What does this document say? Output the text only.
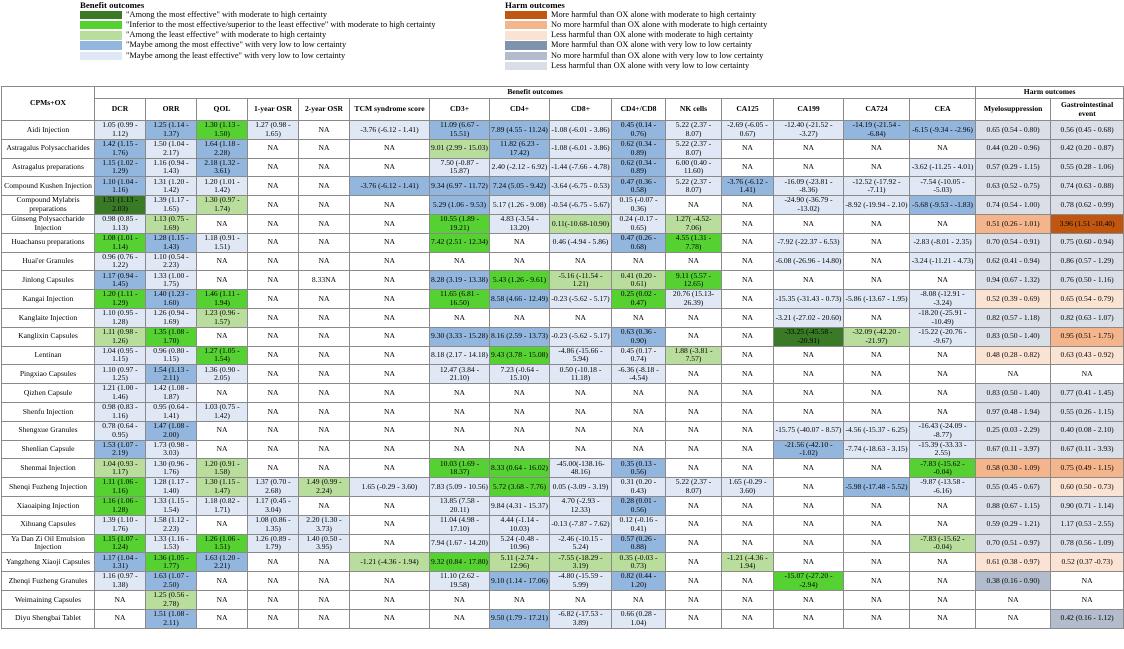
Benefit outcomes
"Among the most effective" with moderate to high certainty
"Inferior to the most effective/superior to the least effective" with moderate to high certainty
"Among the least effective" with moderate to high certainty
"Maybe among the most effective" with very low to low certainty
"Maybe among the least effective" with very low to low certainty
Harm outcomes
More harmful than OX alone with moderate to high certainty
No more harmful than OX alone with moderate to high certainty
Less harmful than OX alone with moderate to high certainty
More harmful than OX alone with very low to low certainty
No more harmful than OX alone with very low to low certainty
Less harmful than OX alone with very low to low certainty
CPMs+OX	Benefit outcomes															Harm outcomes	
	DCR	ORR	QOL	1-year OSR	2-year OSR	TCM syndrome score	CD3+	CD4+	CD8+	CD4+/CD8	NK cells	CA125	CA199	CA724	CEA	Myelosuppression	Gastrointestinal event
Aidi Injection	1.05 (0.99 - 1.12)	1.25 (1.14 - 1.37)	1.30 (1.13 - 1.50)	1.27 (0.98 - 1.65)	NA	-3.76 (-6.12 - 1.41)	11.09 (6.67 - 15.51)	7.89 (4.55 - 11.24)	-1.08 (-6.01 - 3.86)	0.45 (0.14 - 0.76)	5.22 (2.37 - 8.07)	-2.69 (-6.05 - 0.67)	-12.40 (-21.52 - -3.27)	-14.19 (-21.54 - -6.84)	-6.15 (-9.34 - -2.96)	0.65 (0.54 - 0.80)	0.56 (0.45 - 0.68)
Astragalus Polysaccharides	1.42 (1.15 - 1.76)	1.50 (1.04 - 2.17)	1.64 (1.18 - 2.28)	NA	NA	NA	9.01 (2.99 - 15.03)	11.82 (6.23 - 17.42)	-1.08 (-6.01 - 3.86)	0.62 (0.34 - 0.89)	5.22 (2.37 - 8.07)	NA	NA	NA	NA	0.44 (0.20 - 0.96)	0.42 (0.20 - 0.87)
Astragalus preparations	1.15 (1.02 - 1.29)	1.16 (0.94 - 1.43)	2.18 (1.32 - 3.61)	NA	NA	NA	7.50 (-0.87 - 15.87)	2.40 (-2.12 - 6.92)	-1.44 (-7.66 - 4.78)	0.62 (0.34 - 0.89)	6.00 (0.40 - 11.60)	NA	NA	NA	-3.62 (-11.25 - 4.01)	0.57 (0.29 - 1.15)	0.55 (0.28 - 1.06)
Compound Kushen Injection	1.10 (1.04 - 1.16)	1.31 (1.20 - 1.42)	1.20 (1.01 - 1.42)	NA	NA	-3.76 (-6.12 - 1.41)	9.34 (6.97 - 11.72)	7.24 (5.05 - 9.42)	-3.64 (-6.75 - 0.53)	0.47 (0.36 - 0.58)	5.22 (2.37 - 8.07)	-3.76 (-6.12 - 1.41)	-16.09 (-23.81 - -8.36)	-12.52 (-17.92 - -7.11)	-7.54 (-10.05 - -5.03)	0.63 (0.52 - 0.75)	0.74 (0.63 - 0.88)
Compound Mylabris preparations	1.51 (1.13 - 2.03)	1.39 (1.17 - 1.65)	1.30 (0.97 - 1.74)	NA	NA	NA	5.29 (1.06 - 9.53)	5.17 (1.26 - 9.08)	-0.54 (-6.75 - 5.67)	0.15 (-0.07 - 0.36)	NA	NA	-24.90 (-36.79 - -13.02)	-8.92 (-19.94 - 2.10)	-5.68 (-9.53 - -1.83)	0.74 (0.54 - 1.00)	0.78 (0.62 - 0.99)
Ginseng Polysaccharide Injection	0.98 (0.85 - 1.13)	1.13 (0.75 - 1.69)	NA	NA	NA	NA	10.55 (1.89 - 19.21)	4.83 (-3.54 - 13.20)	0.11(-10.68-10.90)	0.24 (-0.17 - 0.65)	1.27( -4.52- 7.06)	NA	NA	NA	NA	0.51 (0.26 - 1.01)	3.96 (1.51 -10.40)
Huachansu preparations	1.08 (1.01 - 1.14)	1.28 (1.15 - 1.43)	1.18 (0.91 - 1.51)	NA	NA	NA	7.42 (2.51 - 12.34)	NA	0.46 (-4.94 - 5.86)	0.47 (0.26 - 0.68)	4.55 (1.31 - 7.78)	NA	-7.92 (-22.37 - 6.53)	NA	-2.83 (-8.01 - 2.35)	0.70 (0.54 - 0.91)	0.75 (0.60 - 0.94)
Huai'er Granules	0.96 (0.76 - 1.22)	1.10 (0.54 - 2.23)	NA	NA	NA	NA	NA	NA	NA	NA	NA	NA	-6.08 (-26.96 - 14.80)	NA	-3.24 (-11.21 - 4.73)	0.62 (0.41 - 0.94)	0.86 (0.57 - 1.29)
Jinlong Capsules	1.17 (0.94 - 1.45)	1.33 (1.00 - 1.75)	NA	NA	8.33NA	NA	8.28 (3.19 - 13.38)	5.43 (1.26 - 9.61)	-5.16 (-11.54 - 1.21)	0.41 (0.20 - 0.61)	9.11 (5.57 - 12.65)	NA	NA	NA	NA	0.94 (0.67 - 1.32)	0.76 (0.50 - 1.16)
Kangai Injection	1.20 (1.11 - 1.29)	1.40 (1.23 - 1.60)	1.46 (1.11 - 1.94)	NA	NA	NA	11.65 (6.81 - 16.50)	8.58 (4.66 - 12.49)	-0.23 (-5.62 - 5.17)	0.25 (0.02 - 0.47)	20.76 (15.13- 26.39)	NA	-15.35 (-31.43 - 0.73)	-5.86 (-13.67 - 1.95)	-8.08 (-12.91 - -3.24)	0.52 (0.39 - 0.69)	0.65 (0.54 - 0.79)
Kanglaite Injection	1.10 (0.95 - 1.28)	1.26 (0.94 - 1.69)	1.23 (0.96 - 1.57)	NA	NA	NA	NA	NA	NA	NA	NA	NA	-3.21 (-27.02 - 20.60)	NA	-18.20 (-25.91 - -10.49)	0.82 (0.57 - 1.18)	0.82 (0.63 - 1.07)
Kanglixin Capsules	1.11 (0.98 - 1.26)	1.35 (1.08 - 1.70)	NA	NA	NA	NA	9.30 (3.33 - 15.28)	8.16 (2.59 - 13.73)	-0.23 (-5.62 - 5.17)	0.63 (0.36 - 0.90)	NA	NA	-33.25 (-45.58 - -20.91)	-32.09 (-42.20 - -21.97)	-15.22 (-20.76 - -9.67)	0.83 (0.50 - 1.40)	0.95 (0.51 - 1.75)
Lentinan	1.04 (0.95 - 1.15)	0.96 (0.80 - 1.15)	1.27 (1.05 - 1.54)	NA	NA	NA	8.18 (2.17 - 14.18)	9.43 (3.78 - 15.08)	-4.86 (-15.66 - 5.94)	0.45 (0.17 - 0.74)	1.88 (-3.81 - 7.57)	NA	NA	NA	NA	0.48 (0.28 - 0.82)	0.63 (0.43 - 0.92)
Pingxiao Capsules	1.10 (0.97 - 1.25)	1.54 (1.13 - 2.11)	1.36 (0.90 - 2.05)	NA	NA	NA	12.47 (3.84 - 21.10)	7.23 (-0.64 - 15.10)	0.50 (-10.18 - 11.18)	-6.36 (-8.18 - -4.54)	NA	NA	NA	NA	NA	NA	NA
Qizhen Capsule	1.21 (1.00 - 1.46)	1.42 (1.08 - 1.87)	NA	NA	NA	NA	NA	NA	NA	NA	NA	NA	NA	NA	NA	0.83 (0.50 - 1.40)	0.77 (0.41 - 1.45)
Shenfu Injection	0.98 (0.83 - 1.16)	0.95 (0.64 - 1.41)	1.03 (0.75 - 1.42)	NA	NA	NA	NA	NA	NA	NA	NA	NA	NA	NA	NA	0.97 (0.48 - 1.94)	0.55 (0.26 - 1.15)
Shengxue Granules	0.78 (0.64 - 0.95)	1.47 (1.08 - 2.00)	NA	NA	NA	NA	NA	NA	NA	NA	NA	NA	-15.75 (-40.07 - 8.57)	-4.56 (-15.37 - 6.25)	-16.43 (-24.09 - -8.77)	0.25 (0.03 - 2.29)	0.40 (0.08 - 2.10)
Shenlian Capsule	1.53 (1.07 - 2.19)	1.73 (0.98 - 3.03)	NA	NA	NA	NA	NA	NA	NA	NA	NA	NA	-21.56 (-42.10 - -1.02)	-7.74 (-18.63 - 3.15)	-15.39 (-33.33 - 2.55)	0.67 (0.11 - 3.97)	0.67 (0.11 - 3.93)
Shenmai Injection	1.04 (0.93 - 1.17)	1.30 (0.96 - 1.76)	1.20 (0.91 - 1.58)	NA	NA	NA	10.03 (1.69 - 18.37)	8.33 (0.64 - 16.02)	-45.00(-138.16- 48.16)	0.35 (0.13 - 0.56)	NA	NA	NA	NA	-7.83 (-15.62 - -0.04)	0.58 (0.30 - 1.09)	0.75 (0.49 - 1.15)
Shenqi Fuzheng Injection	1.11 (1.06 - 1.16)	1.28 (1.17 - 1.40)	1.30 (1.15 - 1.47)	1.37 (0.70 - 2.68)	1.49 (0.99 - 2.24)	1.65 (-0.29 - 3.60)	7.83 (5.09 - 10.56)	5.72 (3.68 - 7.76)	0.05 (-3.09 - 3.19)	0.31 (0.20 - 0.43)	5.22 (2.37 - 8.07)	1.65 (-0.29 - 3.60)	NA	-5.98 (-17.48 - 5.52)	-9.87 (-13.58 - -6.16)	0.55 (0.45 - 0.67)	0.60 (0.50 - 0.73)
Xiaoaiping Injection	1.16 (1.06 - 1.28)	1.33 (1.15 - 1.54)	1.18 (0.82 - 1.71)	1.17 (0.45 - 3.04)	NA	NA	13.85 (7.58 - 20.11)	9.84 (4.31 - 15.37)	4.70 (-2.93 - 12.33)	0.28 (0.01 - 0.56)	NA	NA	NA	NA	NA	0.88 (0.67 - 1.15)	0.90 (0.71 - 1.14)
Xihuang Capsules	1.39 (1.10 - 1.76)	1.58 (1.12 - 2.23)	NA	1.08 (0.86 - 1.35)	2.20 (1.30 - 3.73)	NA	11.04 (4.98 - 17.10)	4.44 (-1.14 - 10.03)	-0.13 (-7.87 - 7.62)	0.12 (-0.16 - 0.41)	NA	NA	NA	NA	NA	0.59 (0.29 - 1.21)	1.17 (0.53 - 2.55)
Ya Dan Zi Oil Emulsion Injection	1.15 (1.07 - 1.24)	1.33 (1.16 - 1.53)	1.26 (1.06 - 1.51)	1.26 (0.89 - 1.79)	1.40 (0.50 - 3.95)	NA	7.94 (1.67 - 14.20)	5.24 (-0.48 - 10.96)	-2.46 (-10.15 - 5.24)	0.57 (0.26 - 0.88)	NA	NA	NA	NA	-7.83 (-15.62 - -0.04)	0.70 (0.51 - 0.97)	0.78 (0.56 - 1.09)
Yangzheng Xiaoji Capsules	1.17 (1.04 - 1.31)	1.36 (1.05 - 1.77)	1.63 (1.20 - 2.21)	NA	NA	-1.21 (-4.36 - 1.94)	9.32 (0.84 - 17.80)	5.11 (-2.74 - 12.96)	-7.55 (-18.29 - 3.19)	0.35 (-0.03 - 0.73)	NA	-1.21 (-4.36 - 1.94)	NA	NA	NA	0.61 (0.38 - 0.97)	0.52 (0.37 -0.73)
Zhenqi Fuzheng Granules	1.16 (0.97 - 1.38)	1.63 (1.07 - 2.50)	NA	NA	NA	NA	11.10 (2.62 - 19.58)	9.10 (1.14 - 17.06)	-4.80 (-15.59 - 5.99)	0.82 (0.44 - 1.20)	NA	NA	-15.07 (-27.20 - -2.94)	NA	NA	0.38 (0.16 - 0.90)	NA
Weimaining Capsules	NA	1.25 (0.56 - 2.78)	NA	NA	NA	NA	NA	NA	NA	NA	NA	NA	NA	NA	NA	NA	NA
Diyu Shengbai Tablet	NA	1.51 (1.08 - 2.11)	NA	NA	NA	NA	NA	9.50 (1.79 - 17.21)	-6.82 (-17.53 - 3.89)	0.66 (0.28 - 1.04)	NA	NA	NA	NA	NA	NA	0.42 (0.16 - 1.12)
